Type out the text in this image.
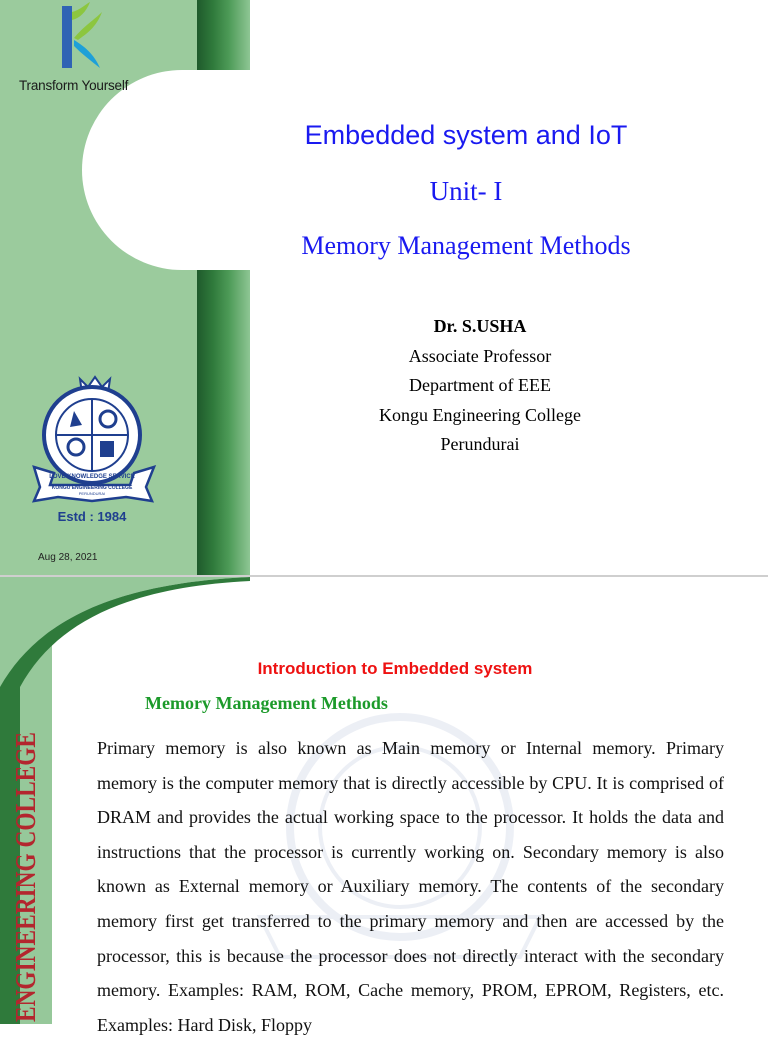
Transform Yourself
Embedded system and IoT
Unit- I
Memory Management Methods
Dr. S.USHA
Associate Professor
Department of EEE
Kongu Engineering College
Perundurai
KONGU ENGINEERING COLLEGE
PERUNDURAI
LOVE KNOWLEDGE SERVICE
Estd : 1984
Aug 28, 2021
ENGINEERING COLLEGE
Introduction to Embedded system
Memory Management Methods
Primary memory is also known as Main memory or Internal memory. Primary memory is the computer memory that is directly accessible by CPU. It is comprised of DRAM and provides the actual working space to the processor. It holds the data and instructions that the processor is currently working on. Secondary memory is also known as External memory or Auxiliary memory. The contents of the secondary memory first get transferred to the primary memory and then are accessed by the processor, this is because the processor does not directly interact with the secondary memory. Examples: RAM, ROM, Cache memory, PROM, EPROM, Registers, etc. Examples: Hard Disk, Floppy
